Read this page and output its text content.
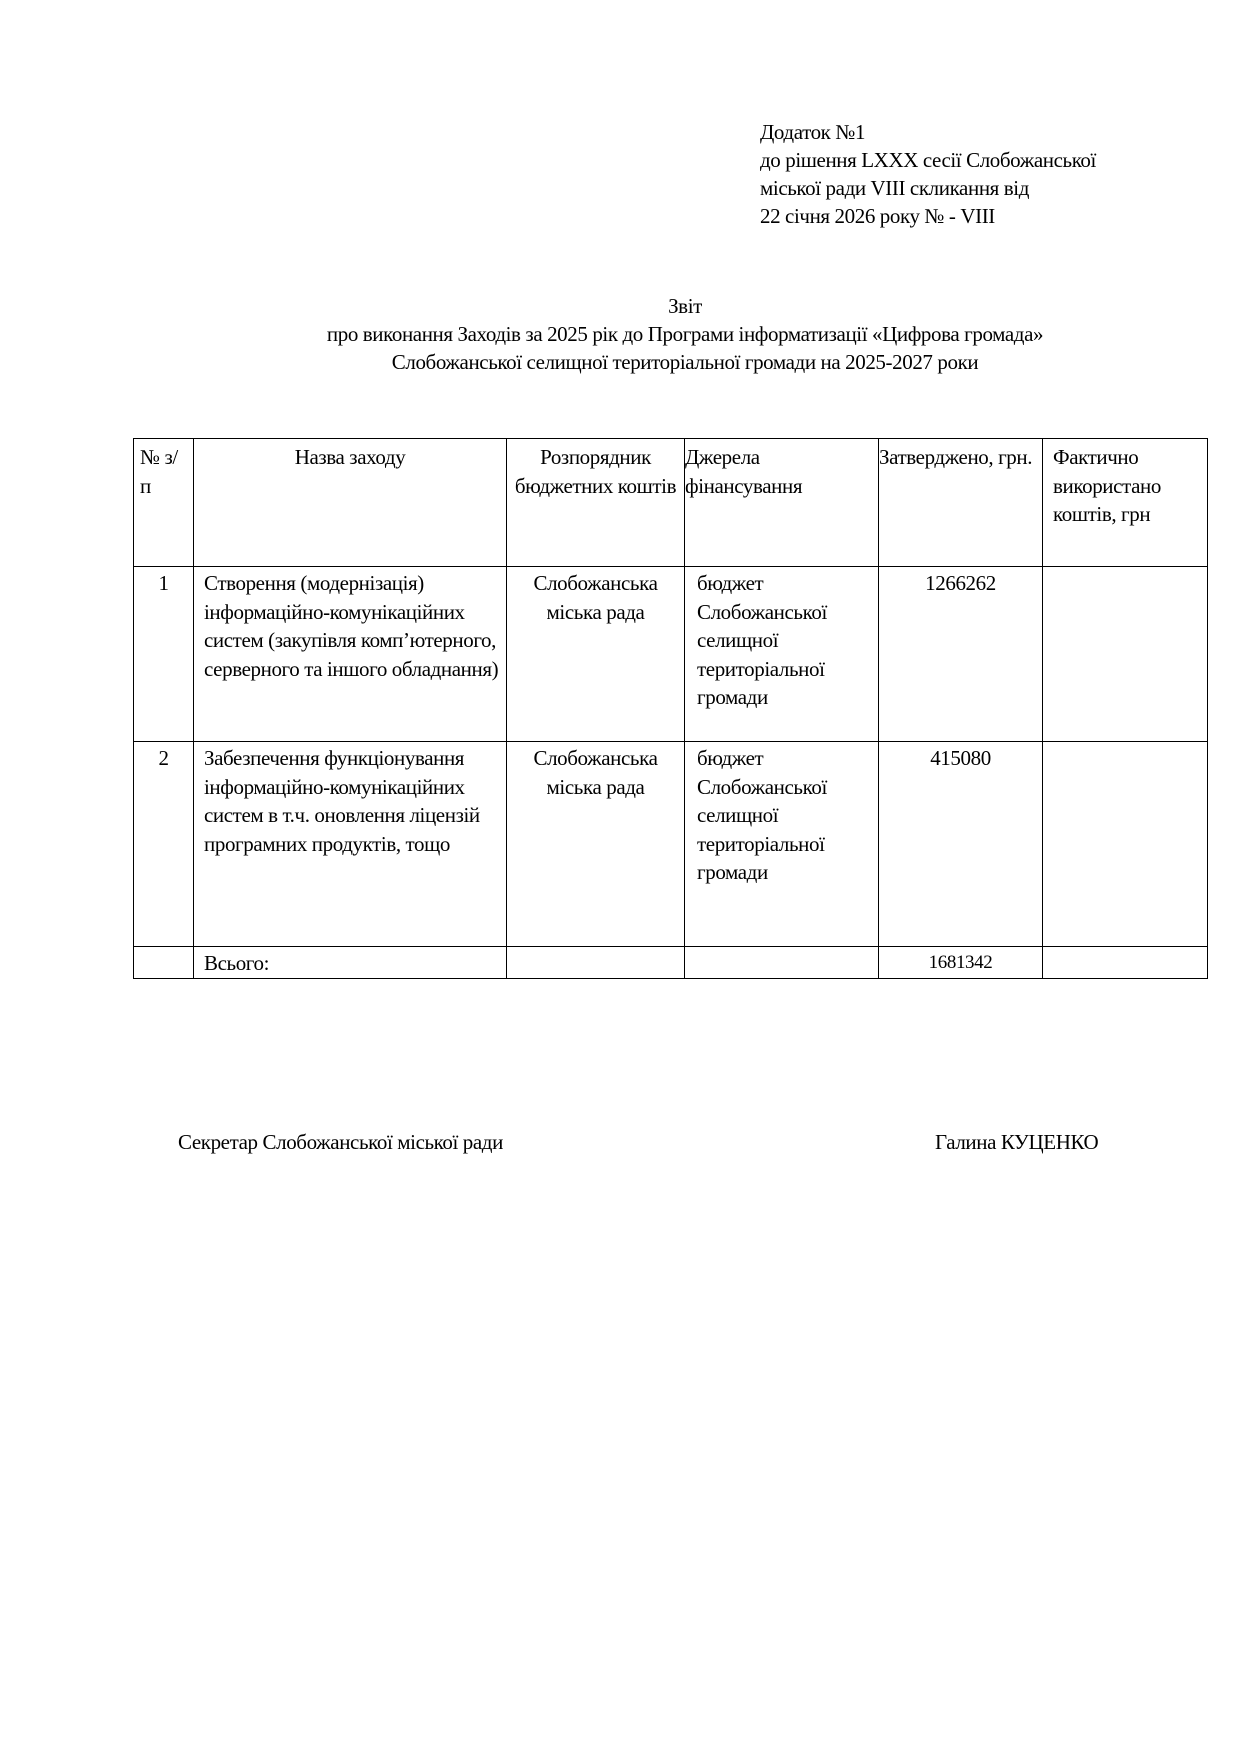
Додаток №1
до рішення LXXX сесії Слобожанської
міської ради VIII скликання від
22 січня 2026 року № - VIII
Звіт
про виконання Заходів за 2025 рік до Програми інформатизації «Цифрова громада»
Слобожанської селищної територіальної громади на 2025-2027 роки
№ з/п	Назва заходу	Розпорядник бюджетних коштів	Джерела фінансування	Затверджено, грн.	Фактично використано коштів, грн
1	Створення (модернізація) інформаційно-комунікаційних систем (закупівля комп’ютерного, серверного та іншого обладнання)	Слобожанська міська рада	бюджет Слобожанської селищної територіальної громади	1266262	
2	Забезпечення функціонування інформаційно-комунікаційних систем в т.ч. оновлення ліцензій програмних продуктів, тощо	Слобожанська міська рада	бюджет Слобожанської селищної територіальної громади	415080	
	Всього:			1681342	
Секретар Слобожанської міської ради	Галина КУЦЕНКО
